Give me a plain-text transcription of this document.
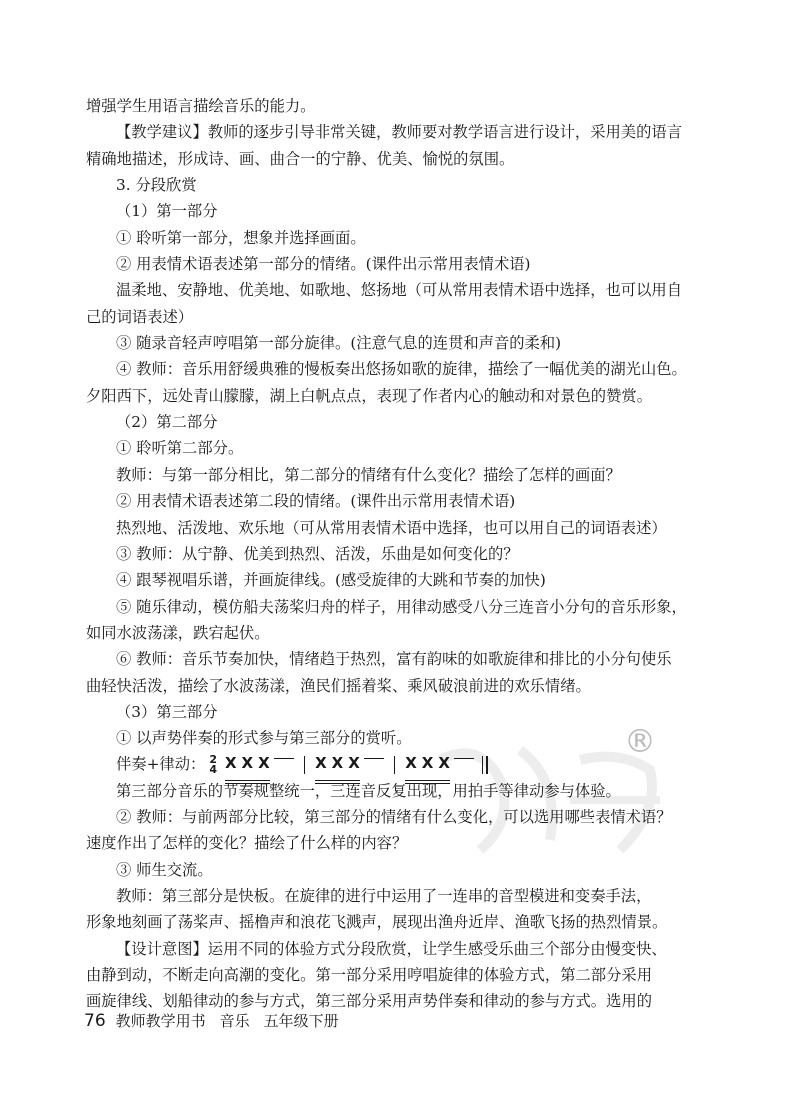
®

增强学生用语言描绘音乐的能力。

【教学建议】教师的逐步引导非常关键，教师要对教学语言进行设计，采用美的语言

精确地描述，形成诗、画、曲合一的宁静、优美、愉悦的氛围。

3. 分段欣赏

（1）第一部分

① 聆听第一部分，想象并选择画面。

② 用表情术语表述第一部分的情绪。(课件出示常用表情术语)

温柔地、安静地、优美地、如歌地、悠扬地（可从常用表情术语中选择，也可以用自

己的词语表述）

③ 随录音轻声哼唱第一部分旋律。(注意气息的连贯和声音的柔和)

④ 教师：音乐用舒缓典雅的慢板奏出悠扬如歌的旋律，描绘了一幅优美的湖光山色。

夕阳西下，远处青山朦朦，湖上白帆点点，表现了作者内心的触动和对景色的赞赏。

（2）第二部分

① 聆听第二部分。

教师：与第一部分相比，第二部分的情绪有什么变化？描绘了怎样的画面？

② 用表情术语表述第二段的情绪。(课件出示常用表情术语)

热烈地、活泼地、欢乐地（可从常用表情术语中选择，也可以用自己的词语表述）

③ 教师：从宁静、优美到热烈、活泼，乐曲是如何变化的？

④ 跟琴视唱乐谱，并画旋律线。(感受旋律的大跳和节奏的加快)

⑤ 随乐律动，模仿船夫荡桨归舟的样子，用律动感受八分三连音小分句的音乐形象，

如同水波荡漾，跌宕起伏。

⑥ 教师：音乐节奏加快，情绪趋于热烈，富有韵味的如歌旋律和排比的小分句使乐

曲轻快活泼，描绘了水波荡漾，渔民们摇着桨、乘风破浪前进的欢乐情绪。

（3）第三部分

① 以声势伴奏的形式参与第三部分的赏听。

伴奏+律动： 2
4 X X X	X X X	X X X

第三部分音乐的节奏规整统一，三连音反复出现，用拍手等律动参与体验。

② 教师：与前两部分比较，第三部分的情绪有什么变化，可以选用哪些表情术语？

速度作出了怎样的变化？描绘了什么样的内容？

③ 师生交流。

教师：第三部分是快板。在旋律的进行中运用了一连串的音型模进和变奏手法，

形象地刻画了荡桨声、摇橹声和浪花飞溅声，展现出渔舟近岸、渔歌飞扬的热烈情景。

【设计意图】运用不同的体验方式分段欣赏，让学生感受乐曲三个部分由慢变快、

由静到动，不断走向高潮的变化。第一部分采用哼唱旋律的体验方式，第二部分采用

画旋律线、划船律动的参与方式，第三部分采用声势伴奏和律动的参与方式。选用的

76 教师教学用书 音乐 五年级下册
